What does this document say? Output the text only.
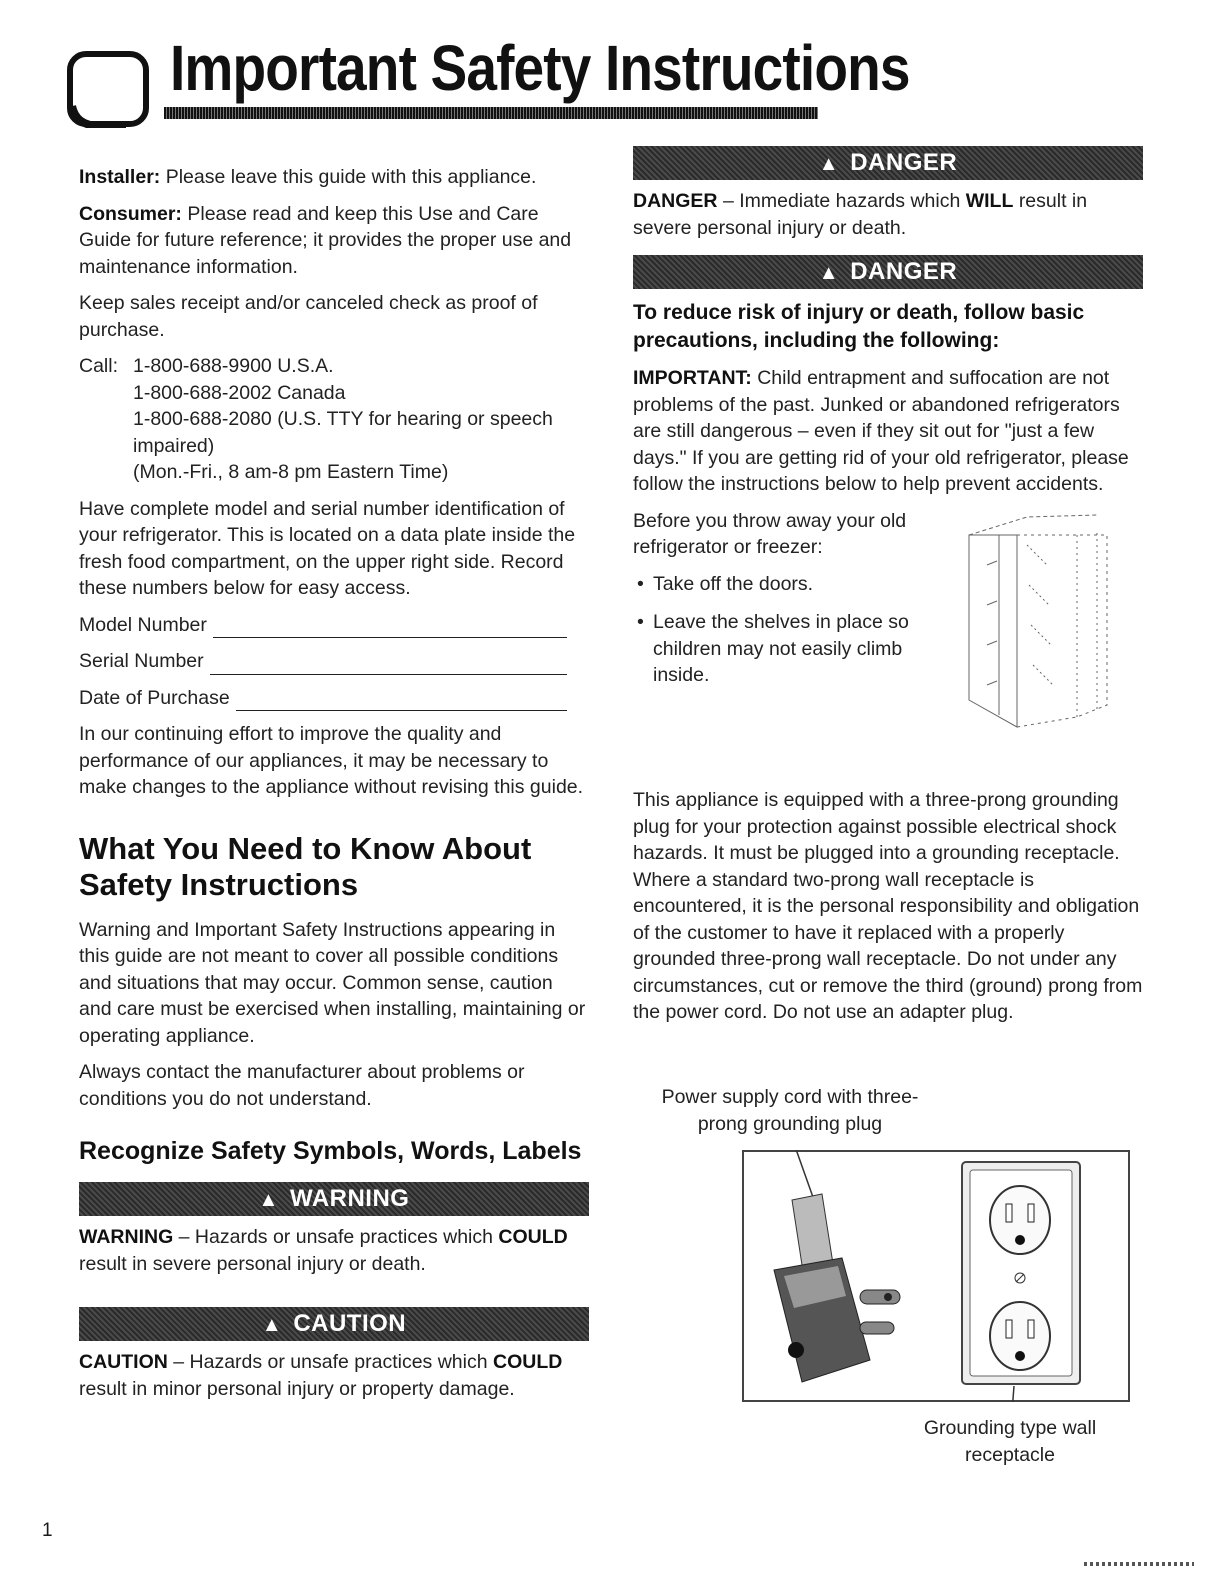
Important Safety Instructions

Installer: Please leave this guide with this appliance.

Consumer: Please read and keep this Use and Care Guide for future reference; it provides the proper use and maintenance information.

Keep sales receipt and/or canceled check as proof of purchase.

Call: 1-800-688-9900 U.S.A.
1-800-688-2002 Canada
1-800-688-2080 (U.S. TTY for hearing or speech impaired)
(Mon.-Fri., 8 am-8 pm Eastern Time)

Have complete model and serial number identification of your refrigerator. This is located on a data plate inside the fresh food compartment, on the upper right side. Record these numbers below for easy access.

Model Number
Serial Number
Date of Purchase

In our continuing effort to improve the quality and performance of our appliances, it may be necessary to make changes to the appliance without revising this guide.

What You Need to Know About Safety Instructions

Warning and Important Safety Instructions appearing in this guide are not meant to cover all possible conditions and situations that may occur. Common sense, caution and care must be exercised when installing, maintaining or operating appliance.

Always contact the manufacturer about problems or conditions you do not understand.

Recognize Safety Symbols, Words, Labels
▲ WARNING

WARNING – Hazards or unsafe practices which COULD result in severe personal injury or death.

▲ CAUTION

CAUTION – Hazards or unsafe practices which COULD result in minor personal injury or property damage.

▲ DANGER

DANGER – Immediate hazards which WILL result in severe personal injury or death.

▲ DANGER

To reduce risk of injury or death, follow basic precautions, including the following:

IMPORTANT: Child entrapment and suffocation are not problems of the past. Junked or abandoned refrigerators are still dangerous – even if they sit out for "just a few days." If you are getting rid of your old refrigerator, please follow the instructions below to help prevent accidents.

Before you throw away your old refrigerator or freezer:

• Take off the doors.
• Leave the shelves in place so children may not easily climb inside.

This appliance is equipped with a three-prong grounding plug for your protection against possible electrical shock hazards. It must be plugged into a grounding receptacle. Where a standard two-prong wall receptacle is encountered, it is the personal responsibility and obligation of the customer to have it replaced with a properly grounded three-prong wall receptacle. Do not under any circumstances, cut or remove the third (ground) prong from the power cord. Do not use an adapter plug.

Power supply cord with three-prong grounding plug
Grounding type wall receptacle
1
